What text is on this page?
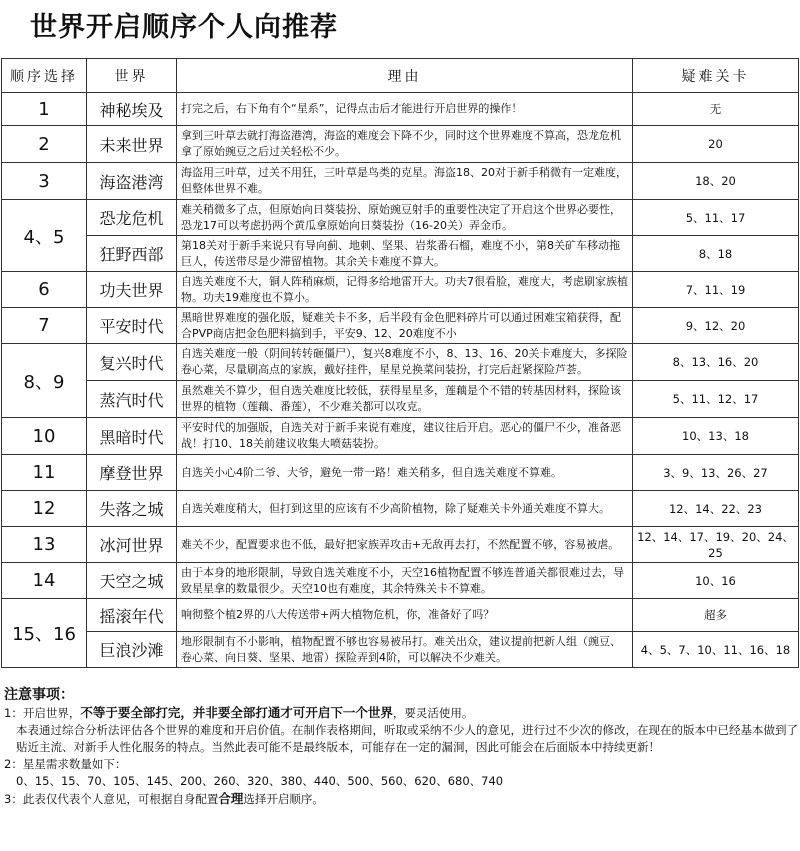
世界开启顺序个人向推荐
顺序选择	世界	理由	疑难关卡
1	神秘埃及	打完之后，右下角有个“星系”，记得点击后才能进行开启世界的操作！	无
2	未来世界	拿到三叶草去就打海盗港湾，海盗的难度会下降不少，同时这个世界难度不算高，恐龙危机拿了原始豌豆之后过关轻松不少。	20
3	海盗港湾	海盗用三叶草，过关不用狂，三叶草是鸟类的克星。海盗18、20对于新手稍微有一定难度，但整体世界不难。	18、20
4、5	恐龙危机	难关稍微多了点，但原始向日葵装扮、原始豌豆射手的重要性决定了开启这个世界必要性，恐龙17可以考虑扔两个黄瓜拿原始向日葵装扮（16-20关）弄金币。	5、11、17
	狂野西部	第18关对于新手来说只有导向蓟、地刺、坚果、岩浆番石榴，难度不小，第8关矿车移动拖巨人，传送带尽是少滞留植物。其余关卡难度不算大。	8、18
6	功夫世界	自选关难度不大，铜人阵稍麻烦，记得多给地雷开大。功夫7很看脸，难度大，考虑刷家族植物。功夫19难度也不算小。	7、11、19
7	平安时代	黑暗世界难度的强化版，疑难关卡不多，后半段有金色肥料碎片可以通过困难宝箱获得，配合PVP商店把金色肥料搞到手，平安9、12、20难度不小	9、12、20
8、9	复兴时代	自选关难度一般（阴间转转砸僵尸），复兴8难度不小，8、13、16、20关卡难度大，多探险卷心菜，尽量刷高点的家族，戴好挂件，星星兑换菜问装扮，打完后赶紧探险芦荟。	8、13、16、20
	蒸汽时代	虽然难关不算少，但自选关难度比较低，获得星星多，莲藕是个不错的转基因材料，探险该世界的植物（莲藕、番莲），不少难关都可以攻克。	5、11、12、17
10	黑暗时代	平安时代的加强版，自选关对于新手来说有难度，建议往后开启。恶心的僵尸不少，准备恶战！打10、18关前建议收集大喷菇装扮。	10、13、18
11	摩登世界	自选关小心4阶二爷、大爷，避免一带一路！难关稍多，但自选关难度不算难。	3、9、13、26、27
12	失落之城	自选关难度稍大，但打到这里的应该有不少高阶植物，除了疑难关卡外通关难度不算大。	12、14、22、23
13	冰河世界	难关不少，配置要求也不低，最好把家族弄攻击+无敌再去打，不然配置不够，容易被虐。	12、14、17、19、20、24、25
14	天空之城	由于本身的地形限制，导致自选关难度不小，天空16植物配置不够连普通关都很难过去，导致星星拿的数量很少。天空10也有难度，其余特殊关卡不算难。	10、16
15、16	摇滚年代	响彻整个植2界的八大传送带+两大植物危机，你，准备好了吗？	超多
	巨浪沙滩	地形限制有不小影响，植物配置不够也容易被吊打。难关出众，建议提前把新人组（豌豆、卷心菜、向日葵、坚果、地雷）探险弄到4阶，可以解决不少难关。	4、5、7、10、11、16、18
注意事项：

1：开启世界，不等于要全部打完，并非要全部打通才可开启下一个世界，要灵活使用。

本表通过综合分析法评估各个世界的难度和开启价值。在制作表格期间，听取或采纳不少人的意见，进行过不少次的修改，在现在的版本中已经基本做到了贴近主流、对新手人性化服务的特点。当然此表可能不是最终版本，可能存在一定的漏洞，因此可能会在后面版本中持续更新！

2：星星需求数量如下：

0、15、15、70、105、145、200、260、320、380、440、500、560、620、680、740

3：此表仅代表个人意见，可根据自身配置合理选择开启顺序。
